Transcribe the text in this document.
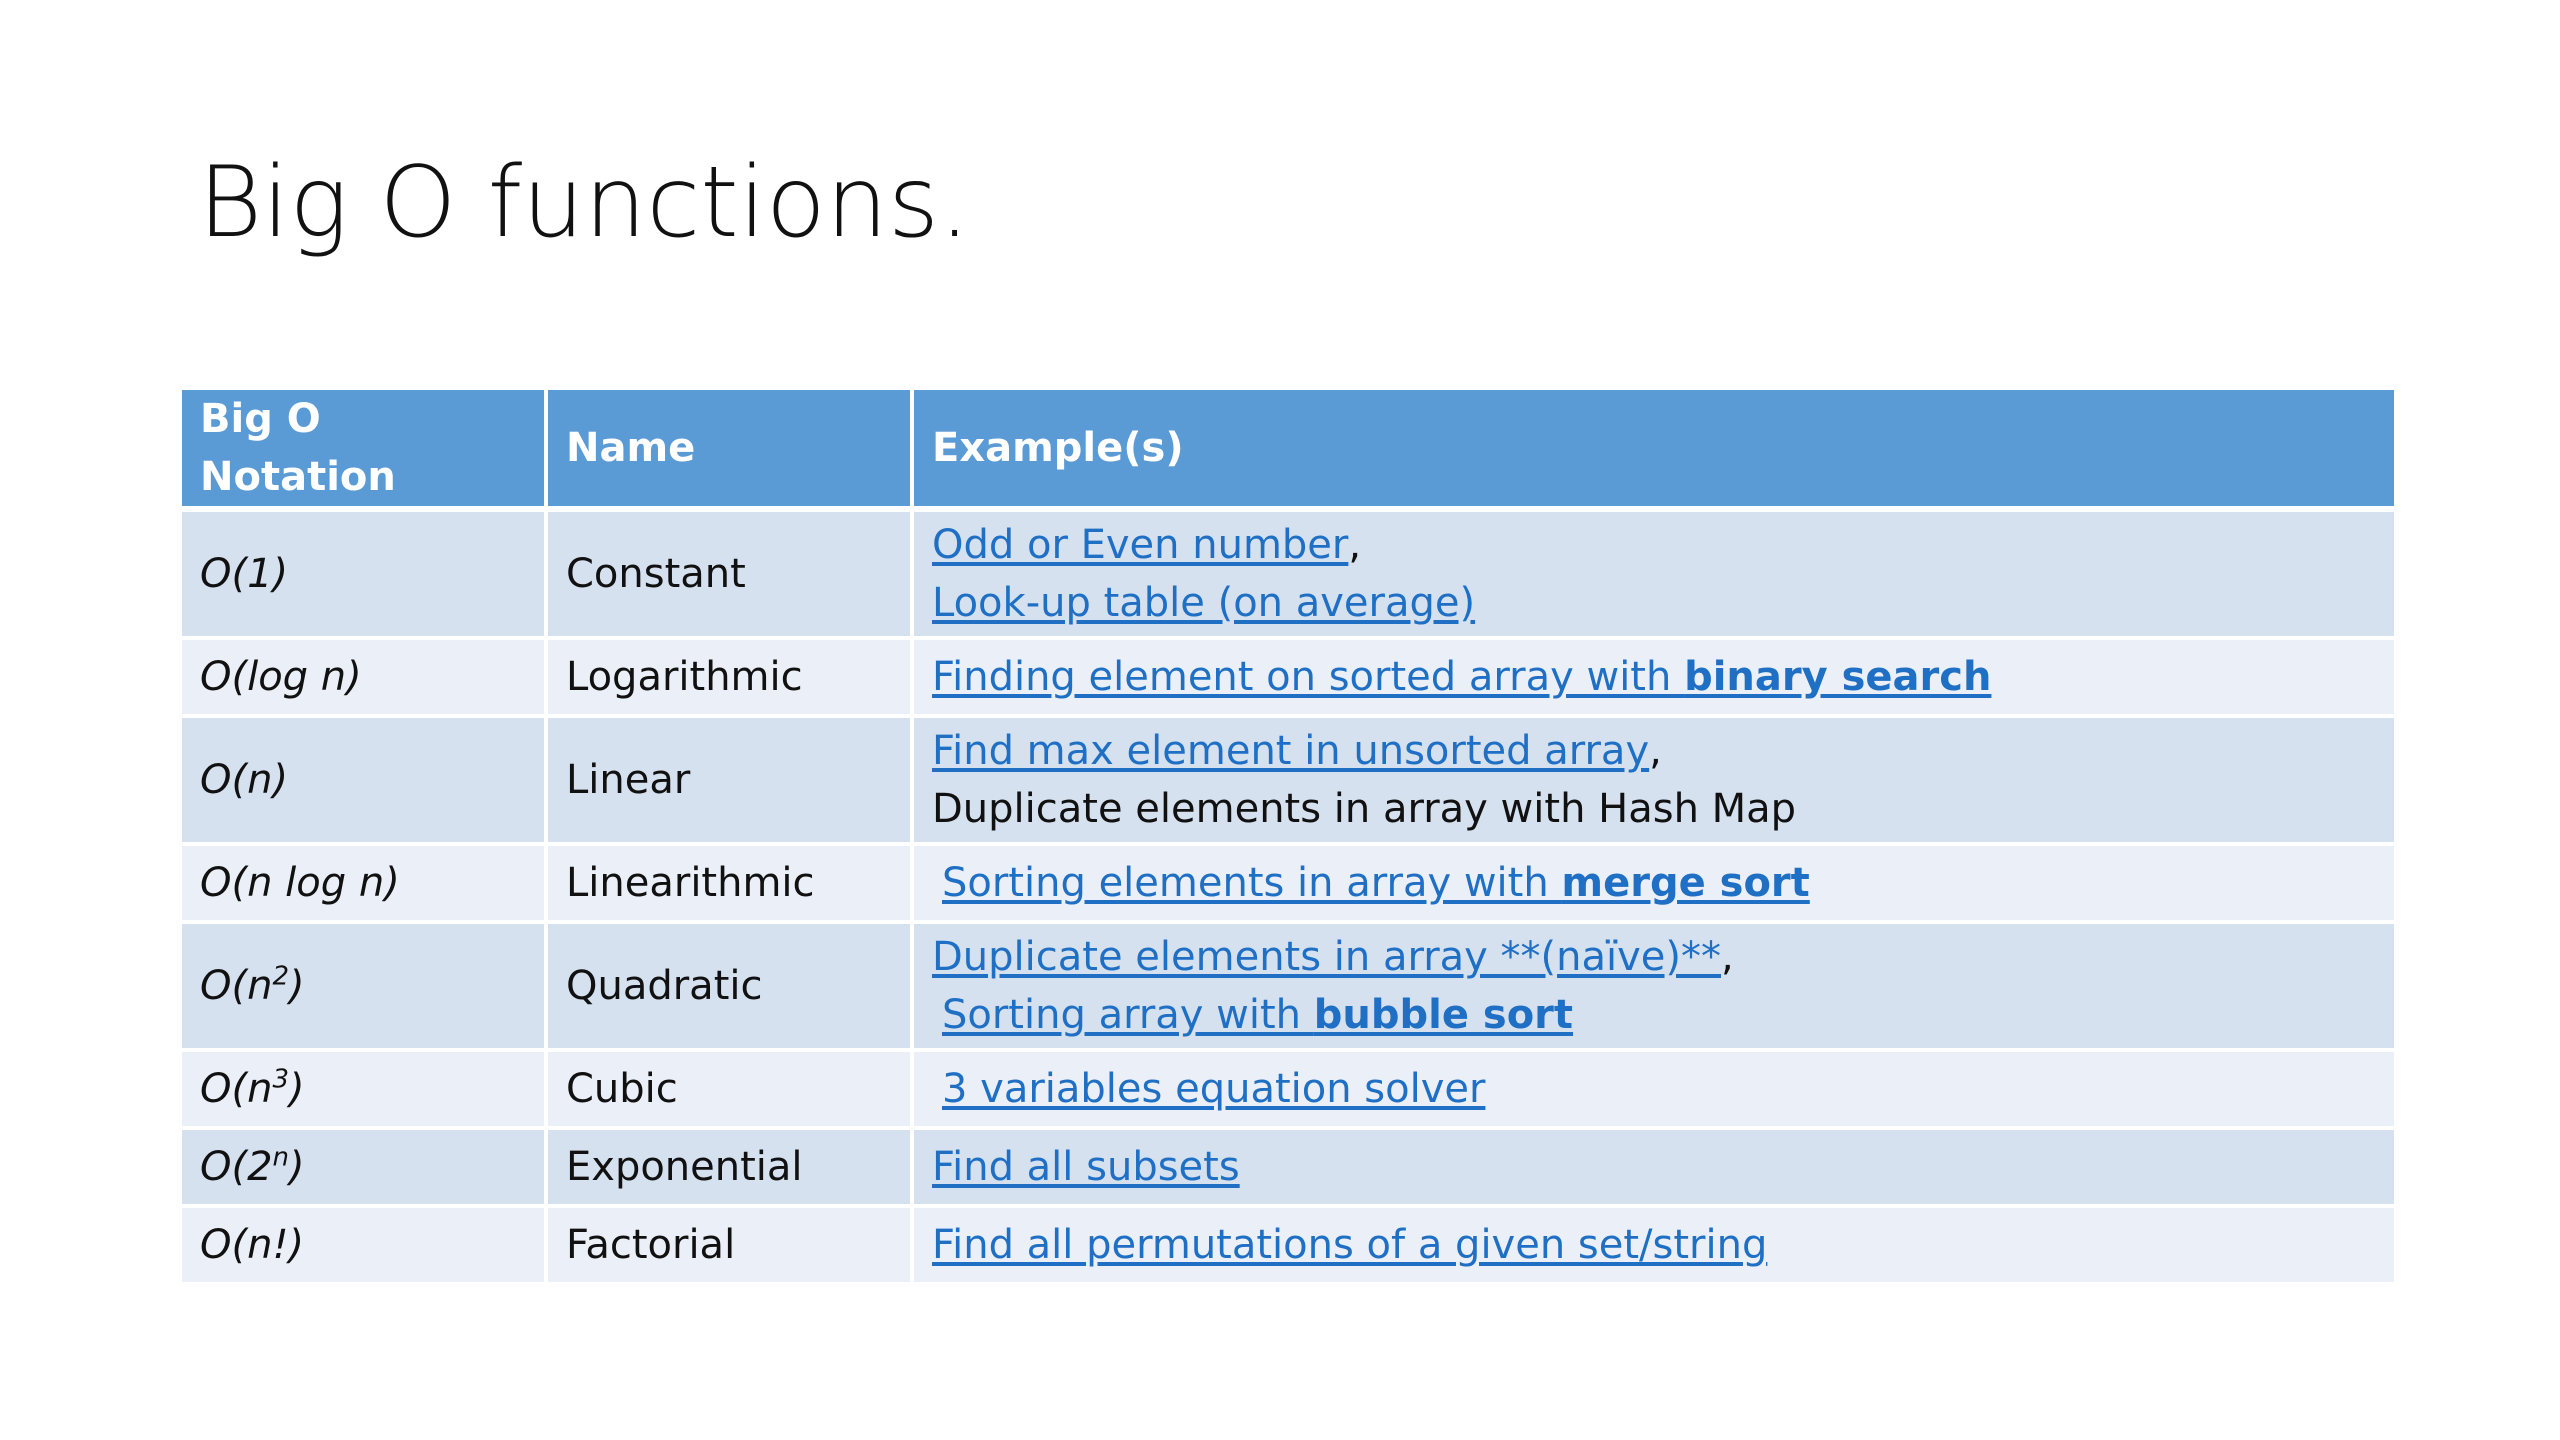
Big O functions.
Big O Notation	Name	Example(s)
O(1)	Constant	Odd or Even number,
Look-up table (on average)

O(log n)	Logarithmic	Finding element on sorted array with binary search
O(n)	Linear	Find max element in unsorted array,
Duplicate elements in array with Hash Map

O(n log n)	Linearithmic	Sorting elements in array with merge sort
$O(n^2)$	Quadratic	Duplicate elements in array **(naïve)**,
Sorting array with bubble sort

$O(n^3)$	Cubic	3 variables equation solver
O(2$^n$)	Exponential	Find all subsets
O(n!)	Factorial	Find all permutations of a given set/string
